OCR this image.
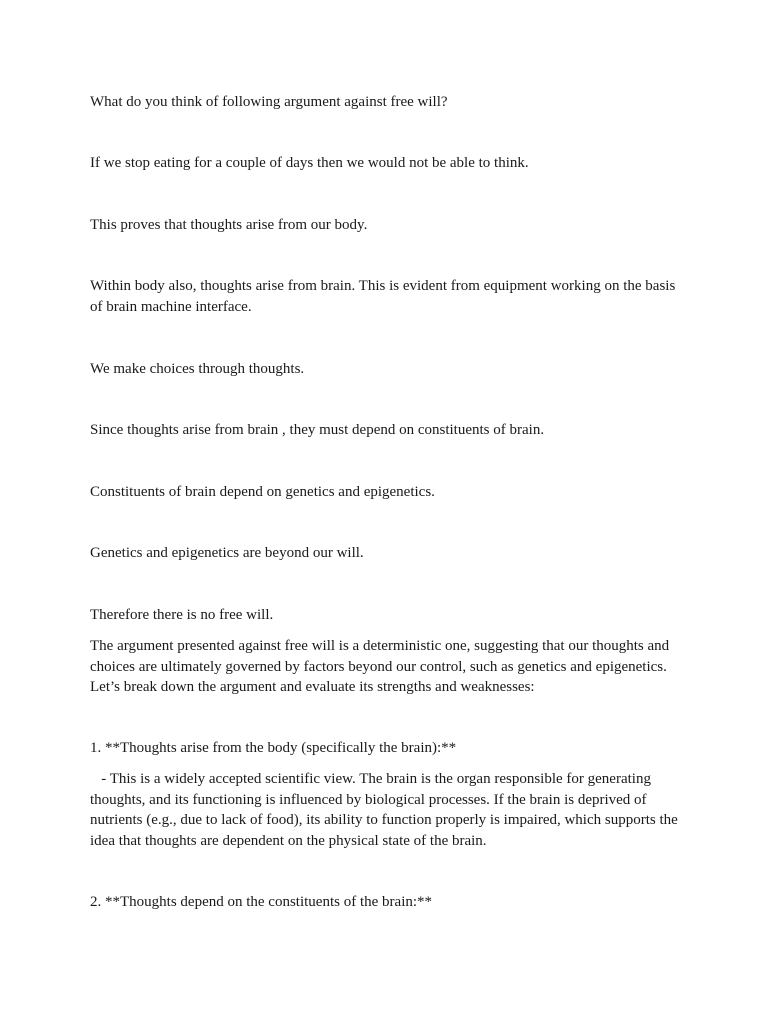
What do you think of following argument against free will?

If we stop eating for a couple of days then we would not be able to think.

This proves that thoughts arise from our body.

Within body also, thoughts arise from brain. This is evident from equipment working on the basis of brain machine interface.

We make choices through thoughts.

Since thoughts arise from brain , they must depend on constituents of brain.

Constituents of brain depend on genetics and epigenetics.

Genetics and epigenetics are beyond our will.

Therefore there is no free will.

The argument presented against free will is a deterministic one, suggesting that our thoughts and choices are ultimately governed by factors beyond our control, such as genetics and epigenetics. Let’s break down the argument and evaluate its strengths and weaknesses:

1. **Thoughts arise from the body (specifically the brain):**

- This is a widely accepted scientific view. The brain is the organ responsible for generating thoughts, and its functioning is influenced by biological processes. If the brain is deprived of nutrients (e.g., due to lack of food), its ability to function properly is impaired, which supports the idea that thoughts are dependent on the physical state of the brain.

2. **Thoughts depend on the constituents of the brain:**
